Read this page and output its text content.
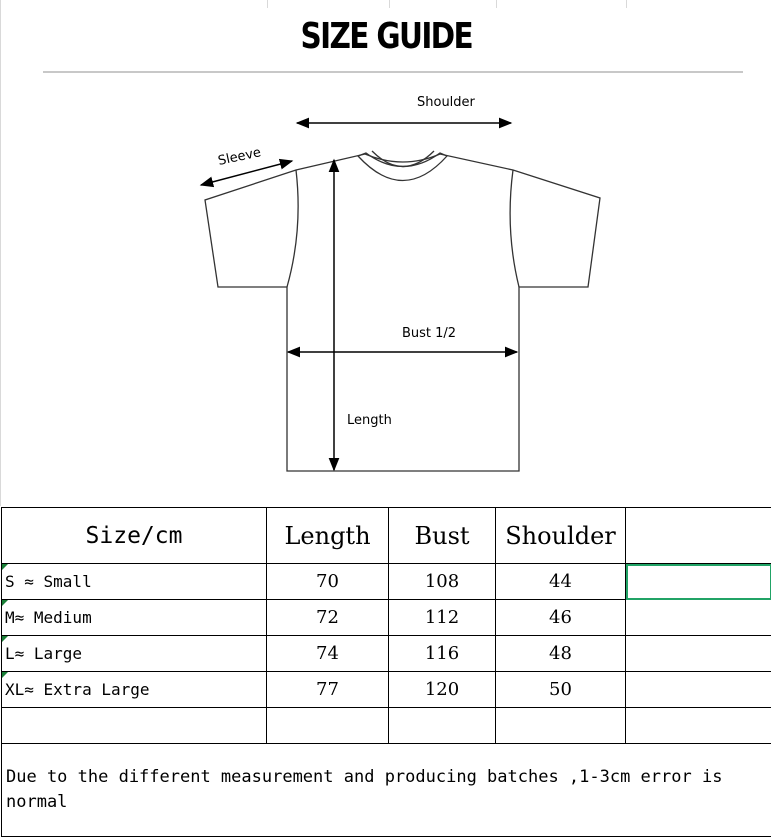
SIZE GUIDE
Shoulder
Sleeve
Bust 1/2
Length
Size/cm	Length	Bust	Shoulder	
S ≈ Small	70	108	44	
M≈ Medium	72	112	46	
L≈ Large	74	116	48	
XL≈ Extra Large	77	120	50	

Due to the different measurement and producing batches ,1-3cm error is normal				
